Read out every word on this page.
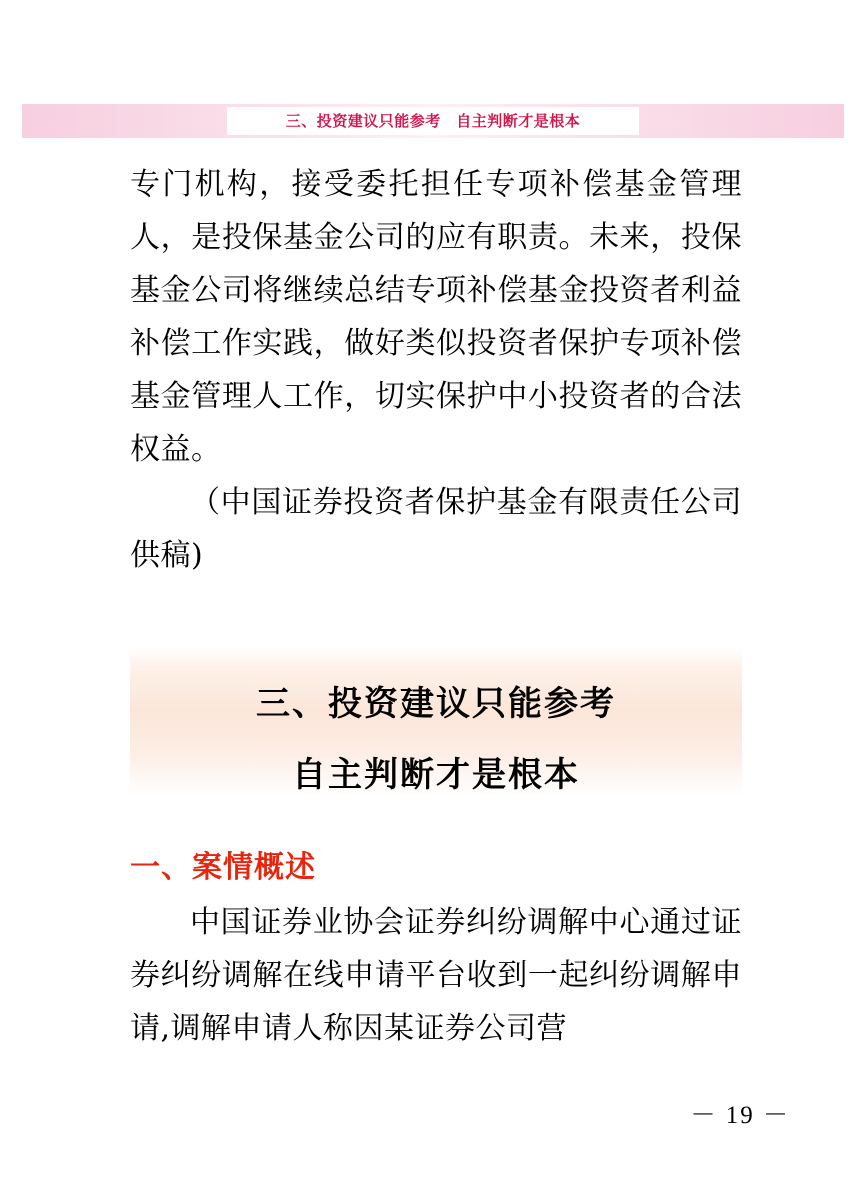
三、投资建议只能参考　自主判断才是根本

专门机构，接受委托担任专项补偿基金管理人，是投保基金公司的应有职责。未来，投保基金公司将继续总结专项补偿基金投资者利益补偿工作实践，做好类似投资者保护专项补偿基金管理人工作，切实保护中小投资者的合法权益。

（中国证券投资者保护基金有限责任公司 供稿)

三、投资建议只能参考
自主判断才是根本
一、案情概述

中国证券业协会证券纠纷调解中心通过证券纠纷调解在线申请平台收到一起纠纷调解申请,调解申请人称因某证券公司营

－ 19 －
